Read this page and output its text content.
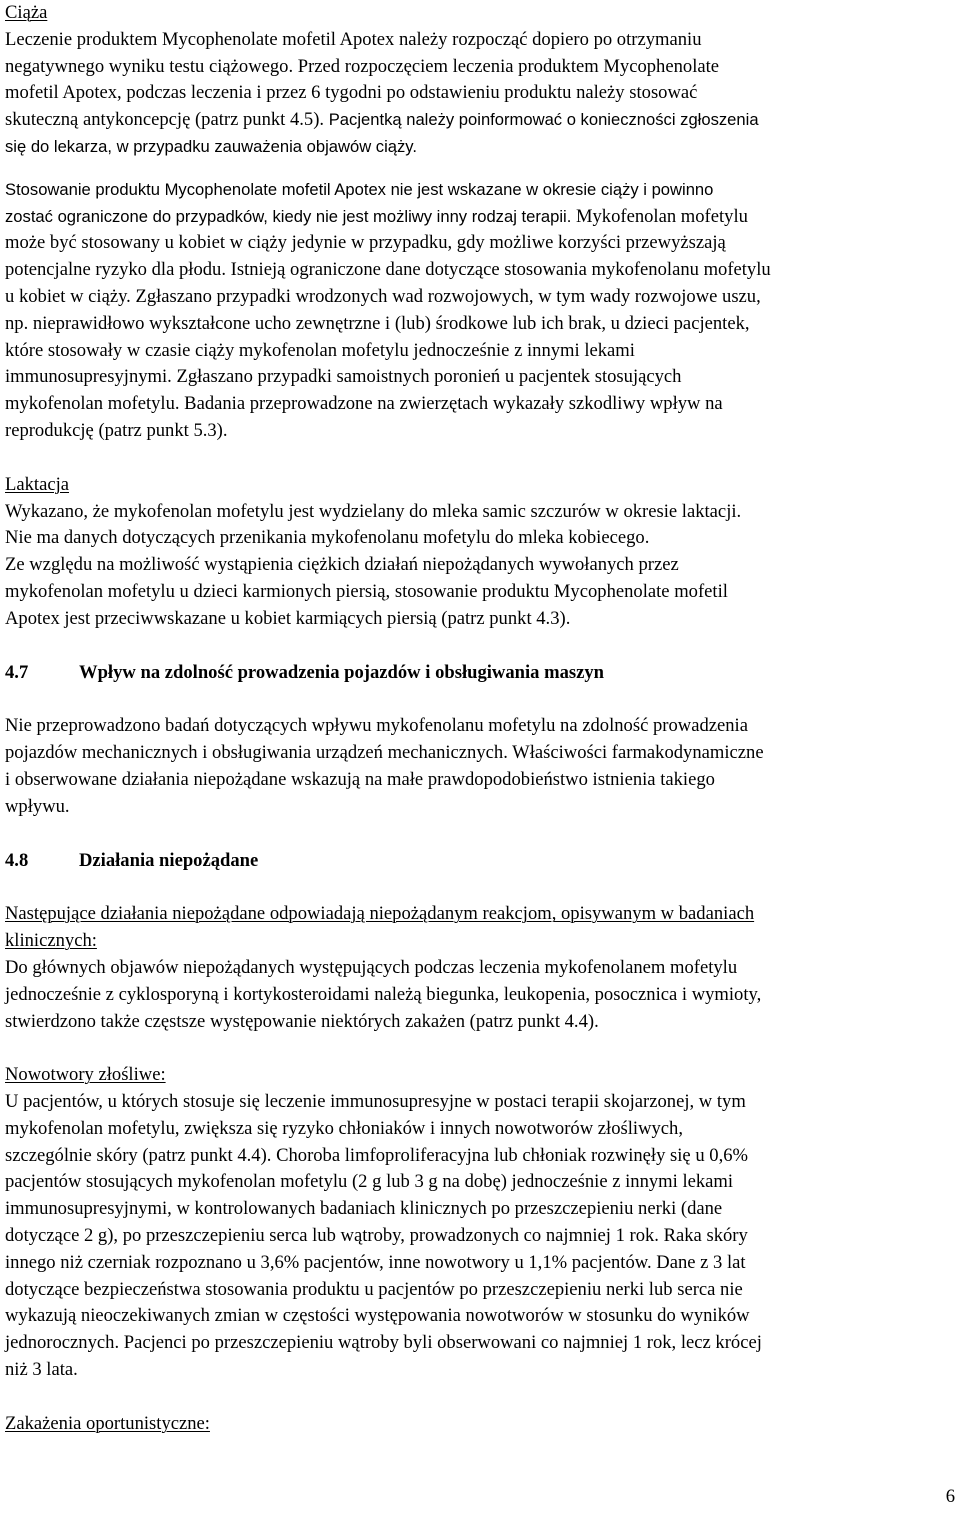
Ciąża
Leczenie produktem Mycophenolate mofetil Apotex należy rozpocząć dopiero po otrzymaniu
negatywnego wyniku testu ciążowego. Przed rozpoczęciem leczenia produktem Mycophenolate
mofetil Apotex, podczas leczenia i przez 6 tygodni po odstawieniu produktu należy stosować
skuteczną antykoncepcję (patrz punkt 4.5). Pacjentką należy poinformować o konieczności zgłoszenia
się do lekarza, w przypadku zauważenia objawów ciąży.
Stosowanie produktu Mycophenolate mofetil Apotex nie jest wskazane w okresie ciąży i powinno
zostać ograniczone do przypadków, kiedy nie jest możliwy inny rodzaj terapii. Mykofenolan mofetylu
może być stosowany u kobiet w ciąży jedynie w przypadku, gdy możliwe korzyści przewyższają
potencjalne ryzyko dla płodu. Istnieją ograniczone dane dotyczące stosowania mykofenolanu mofetylu
u kobiet w ciąży. Zgłaszano przypadki wrodzonych wad rozwojowych, w tym wady rozwojowe uszu,
np. nieprawidłowo wykształcone ucho zewnętrzne i (lub) środkowe lub ich brak, u dzieci pacjentek,
które stosowały w czasie ciąży mykofenolan mofetylu jednocześnie z innymi lekami
immunosupresyjnymi. Zgłaszano przypadki samoistnych poronień u pacjentek stosujących
mykofenolan mofetylu. Badania przeprowadzone na zwierzętach wykazały szkodliwy wpływ na
reprodukcję (patrz punkt 5.3).
Laktacja
Wykazano, że mykofenolan mofetylu jest wydzielany do mleka samic szczurów w okresie laktacji.
Nie ma danych dotyczących przenikania mykofenolanu mofetylu do mleka kobiecego.
Ze względu na możliwość wystąpienia ciężkich działań niepożądanych wywołanych przez
mykofenolan mofetylu u dzieci karmionych piersią, stosowanie produktu Mycophenolate mofetil
Apotex jest przeciwwskazane u kobiet karmiących piersią (patrz punkt 4.3).
4.7	Wpływ na zdolność prowadzenia pojazdów i obsługiwania maszyn
Nie przeprowadzono badań dotyczących wpływu mykofenolanu mofetylu na zdolność prowadzenia
pojazdów mechanicznych i obsługiwania urządzeń mechanicznych. Właściwości farmakodynamiczne
i obserwowane działania niepożądane wskazują na małe prawdopodobieństwo istnienia takiego
wpływu.
4.8	Działania niepożądane
Następujące działania niepożądane odpowiadają niepożądanym reakcjom, opisywanym w badaniach
klinicznych:
Do głównych objawów niepożądanych występujących podczas leczenia mykofenolanem mofetylu
jednocześnie z cyklosporyną i kortykosteroidami należą biegunka, leukopenia, posocznica i wymioty,
stwierdzono także częstsze występowanie niektórych zakażen (patrz punkt 4.4).
Nowotwory złośliwe:
U pacjentów, u których stosuje się leczenie immunosupresyjne w postaci terapii skojarzonej, w tym
mykofenolan mofetylu, zwiększa się ryzyko chłoniaków i innych nowotworów złośliwych,
szczególnie skóry (patrz punkt 4.4). Choroba limfoproliferacyjna lub chłoniak rozwinęły się u 0,6%
pacjentów stosujących mykofenolan mofetylu (2 g lub 3 g na dobę) jednocześnie z innymi lekami
immunosupresyjnymi, w kontrolowanych badaniach klinicznych po przeszczepieniu nerki (dane
dotyczące 2 g), po przeszczepieniu serca lub wątroby, prowadzonych co najmniej 1 rok. Raka skóry
innego niż czerniak rozpoznano u 3,6% pacjentów, inne nowotwory u 1,1% pacjentów. Dane z 3 lat
dotyczące bezpieczeństwa stosowania produktu u pacjentów po przeszczepieniu nerki lub serca nie
wykazują nieoczekiwanych zmian w częstości występowania nowotworów w stosunku do wyników
jednorocznych. Pacjenci po przeszczepieniu wątroby byli obserwowani co najmniej 1 rok, lecz krócej
niż 3 lata.
Zakażenia oportunistyczne:
6
